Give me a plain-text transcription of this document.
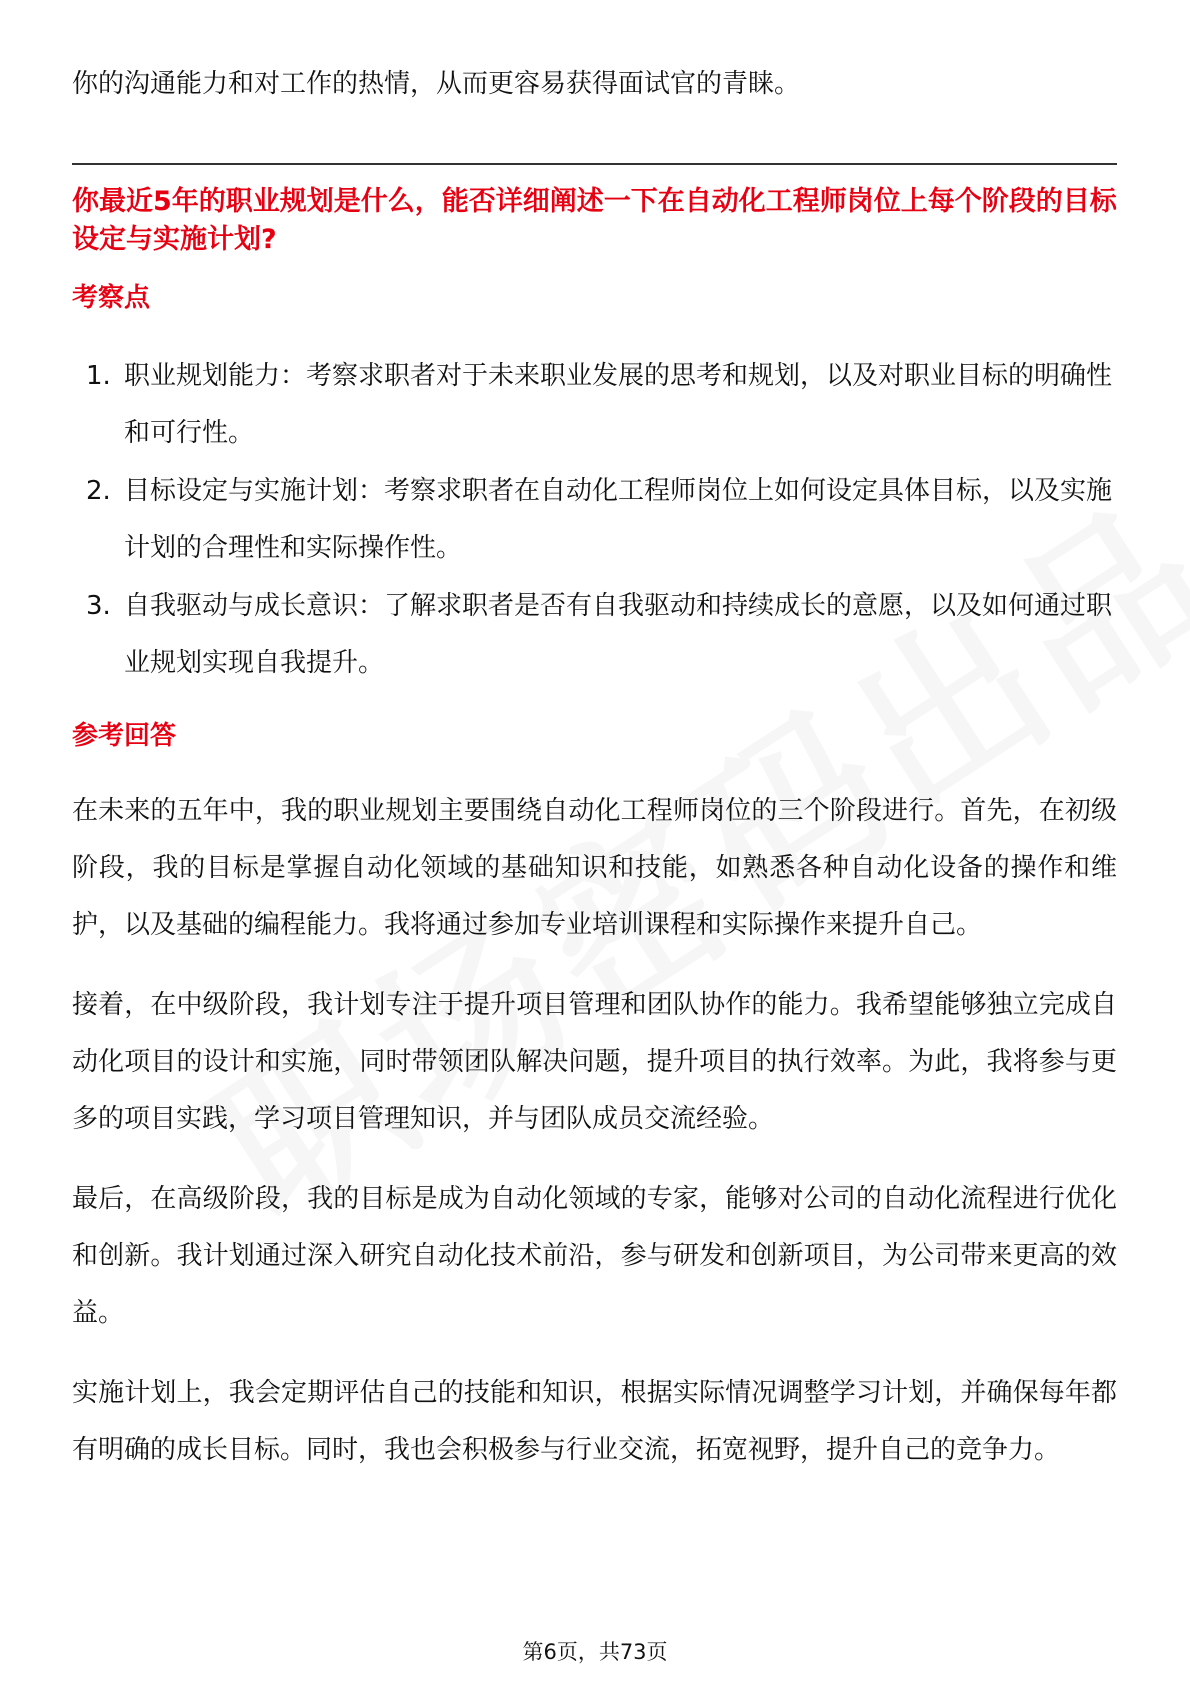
你的沟通能力和对工作的热情，从而更容易获得面试官的青睐。

你最近5年的职业规划是什么，能否详细阐述一下在自动化工程师岗位上每个阶段的目标设定与实施计划?
考察点
1. 职业规划能力：考察求职者对于未来职业发展的思考和规划，以及对职业目标的明确性和可行性。
2. 目标设定与实施计划：考察求职者在自动化工程师岗位上如何设定具体目标，以及实施计划的合理性和实际操作性。
3. 自我驱动与成长意识：了解求职者是否有自我驱动和持续成长的意愿，以及如何通过职业规划实现自我提升。
参考回答

在未来的五年中，我的职业规划主要围绕自动化工程师岗位的三个阶段进行。首先，在初级阶段，我的目标是掌握自动化领域的基础知识和技能，如熟悉各种自动化设备的操作和维护，以及基础的编程能力。我将通过参加专业培训课程和实际操作来提升自己。

接着，在中级阶段，我计划专注于提升项目管理和团队协作的能力。我希望能够独立完成自动化项目的设计和实施，同时带领团队解决问题，提升项目的执行效率。为此，我将参与更多的项目实践，学习项目管理知识，并与团队成员交流经验。

最后，在高级阶段，我的目标是成为自动化领域的专家，能够对公司的自动化流程进行优化和创新。我计划通过深入研究自动化技术前沿，参与研发和创新项目，为公司带来更高的效益。

实施计划上，我会定期评估自己的技能和知识，根据实际情况调整学习计划，并确保每年都有明确的成长目标。同时，我也会积极参与行业交流，拓宽视野，提升自己的竞争力。

第6页，共73页
